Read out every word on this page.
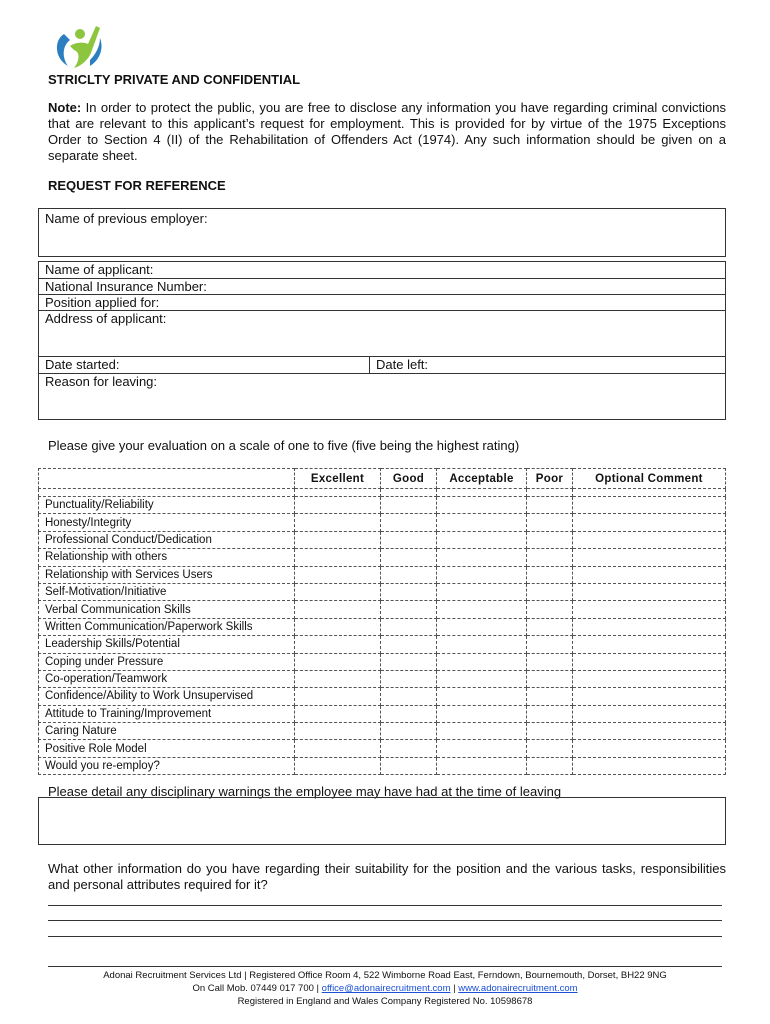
STRICLTY PRIVATE AND CONFIDENTIAL
Note: In order to protect the public, you are free to disclose any information you have regarding criminal convictions that are relevant to this applicant’s request for employment. This is provided for by virtue of the 1975 Exceptions Order to Section 4 (II) of the Rehabilitation of Offenders Act (1974). Any such information should be given on a separate sheet.
REQUEST FOR REFERENCE
Name of previous employer:
Name of applicant:
National Insurance Number:
Position applied for:
Address of applicant:
Date started:	Date left:
Reason for leaving:
Please give your evaluation on a scale of one to five (five being the highest rating)
	Excellent	Good	Acceptable	Poor	Optional Comment

Punctuality/Reliability					
Honesty/Integrity					
Professional Conduct/Dedication					
Relationship with others					
Relationship with Services Users					
Self-Motivation/Initiative					
Verbal Communication Skills					
Written Communication/Paperwork Skills					
Leadership Skills/Potential					
Coping under Pressure					
Co-operation/Teamwork					
Confidence/Ability to Work Unsupervised					
Attitude to Training/Improvement					
Caring Nature					
Positive Role Model					
Would you re-employ?					
Please detail any disciplinary warnings the employee may have had at the time of leaving
What other information do you have regarding their suitability for the position and the various tasks, responsibilities and personal attributes required for it?
Adonai Recruitment Services Ltd | Registered Office Room 4, 522 Wimborne Road East, Ferndown, Bournemouth, Dorset, BH22 9NG
On Call Mob. 07449 017 700 | office@adonairecruitment.com | www.adonairecruitment.com
Registered in England and Wales Company Registered No. 10598678
